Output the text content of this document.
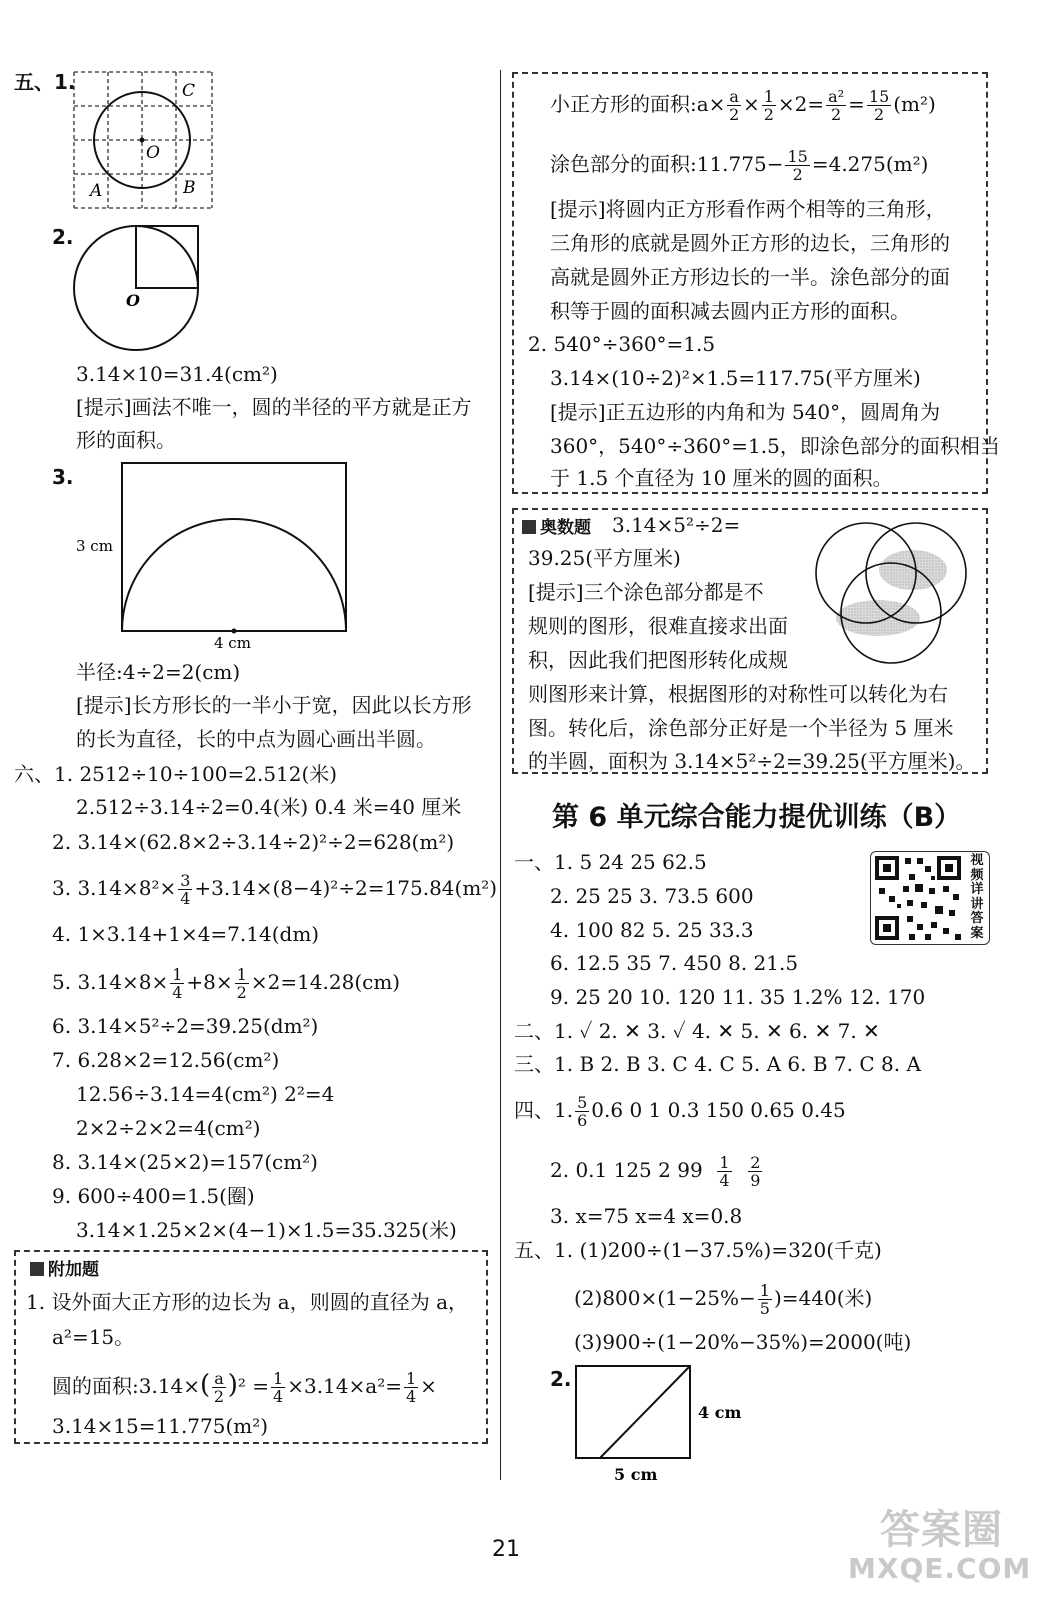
五、1.	C
O
A	B
2.
O
3.14×10=31.4(cm²)
[提示]画法不唯一，圆的半径的平方就是正方
形的面积。
3.
3 cm
4 cm
半径:4÷2=2(cm)
[提示]长方形长的一半小于宽，因此以长方形
的长为直径，长的中点为圆心画出半圆。
六、1. 2512÷10÷100=2.512(米)
2.512÷3.14÷2=0.4(米) 0.4 米=40 厘米
2. 3.14×(62.8×2÷3.14÷2)²÷2=628(m²)
3. $3.14\times 8^2\times \frac{3}{4} +3.14\times(8-4)^2\div 2=175.84(m^2)$
4. 1×3.14+1×4=7.14(dm)
5. $3.14\times 8\times \frac{1}{4} +8\times \frac{1}{2} \times 2=14.28(cm)$
6. 3.14×5²÷2=39.25(dm²)
7. 6.28×2=12.56(cm²)
12.56÷3.14=4(cm²) 2²=4
2×2÷2×2=4(cm²)
8. 3.14×(25×2)=157(cm²)
9. 600÷400=1.5(圈)
3.14×1.25×2×(4−1)×1.5=35.325(米)
附加题
1. 设外面大正方形的边长为 a，则圆的直径为 a，
a²=15。
圆的面积:3.14×( $\frac{a}{2} )^2 = \frac{1}{4} \times 3.14\times a^2= \frac{1}{4}$ ×
3.14×15=11.775(m²)
小正方形的面积:a× $\frac{a}{2} \times \frac{1}{2} \times 2= \frac{\text{a²}}{2} = \frac{15}{2} (m^2)$
涂色部分的面积:11.775− $\frac{15}{2} =4.275(m^2)$
[提示]将圆内正方形看作两个相等的三角形，
三角形的底就是圆外正方形的边长，三角形的
高就是圆外正方形边长的一半。涂色部分的面
积等于圆的面积减去圆内正方形的面积。
2. 540°÷360°=1.5
3.14×(10÷2)²×1.5=117.75(平方厘米)
[提示]正五边形的内角和为 540°，圆周角为
360°，540°÷360°=1.5，即涂色部分的面积相当
于 1.5 个直径为 10 厘米的圆的面积。
奥数题 3.14×5²÷2=
39.25(平方厘米)
[提示]三个涂色部分都是不
规则的图形，很难直接求出面
积，因此我们把图形转化成规
则图形来计算，根据图形的对称性可以转化为右
图。转化后，涂色部分正好是一个半径为 5 厘米
的半圆，面积为 3.14×5²÷2=39.25(平方厘米)。
第 6 单元综合能力提优训练（B）
视频详讲答案
一、1. 5 24 25 62.5
2. 25 25 3. 73.5 600
4. 100 82 5. 25 33.3
6. 12.5 35 7. 450 8. 21.5
9. 25 20 10. 120 11. 35 1.2% 12. 170
二、1. ✓ 2. ✕ 3. ✓ 4. ✕ 5. ✕ 6. ✕ 7. ✕
三、1. B 2. B 3. C 4. C 5. A 6. B 7. C 8. A
四、1. $\frac{5}{6} 0.6$ 0 1 0.3 150 0.65 0.45
2. 0.1 125 2 $99 \frac{1}{4}$
$\frac{2}{9}$
3. x=75 x=4 x=0.8
五、1. (1)200÷(1−37.5%)=320(千克)
$(2)800\times(1-25\%- \frac{1}{5} )=440$(米)
(3)900÷(1−20%−35%)=2000(吨)
2.
4 cm
5 cm
21	答案圈
MXQE.COM
